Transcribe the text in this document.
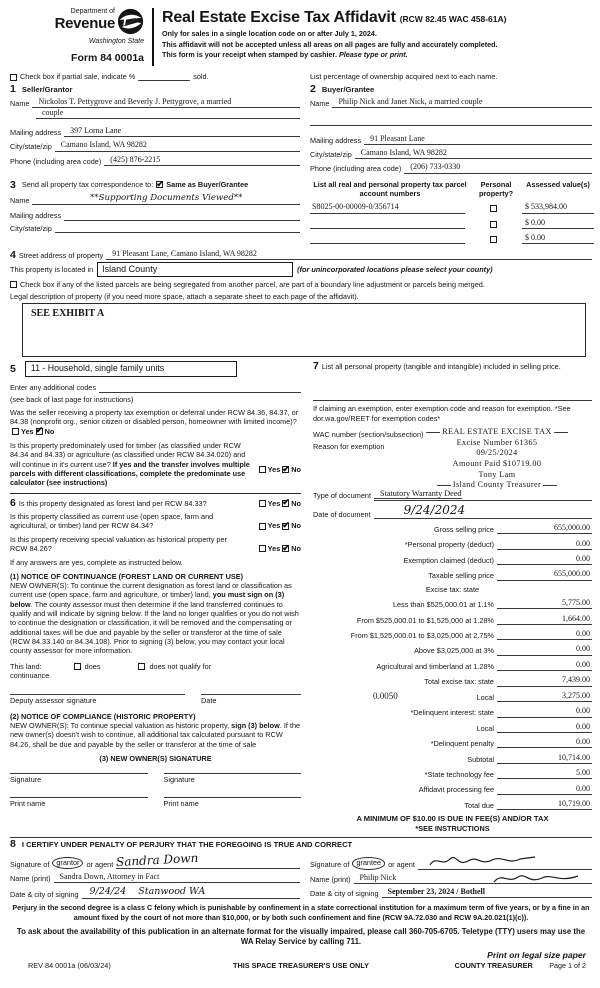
Department of
Revenue
Washington State
Form 84 0001a
Real Estate Excise Tax Affidavit (RCW 82.45 WAC 458-61A)
Only for sales in a single location code on or after July 1, 2024.
This affidavit will not be accepted unless all areas on all pages are fully and accurately completed.
This form is your receipt when stamped by cashier. Please type or print.
Check box if partial sale, indicate %	sold.	List percentage of ownership acquired next to each name.
1 Seller/Grantor
Name	Nickolos T. Pettygrove and Beverly J. Pettygrove, a married
couple
Mailing address	397 Lorna Lane
City/state/zip	Camano Island, WA 98282
Phone (including area code)	(425) 876-2215
2 Buyer/Grantee
Name	Philip Nick and Janet Nick, a married couple
Mailing address	91 Pleasant Lane
City/state/zip	Camano Island, WA 98282
Phone (including area code)	(206) 733-0330
3 Send all property tax correspondence to: ✔ Same as Buyer/Grantee
Name	**Supporting Documents Viewed**
Mailing address
City/state/zip
List all real and personal property tax parcel account numbers
Personal property?
Assessed value(s)
S8025-00-00009-0/356714	$ 533,984.00
$ 0.00
$ 0.00
4 Street address of property	91 Pleasant Lane, Camano Island, WA 98282
This property is located in	Island County	(for unincorporated locations please select your county)
Check box if any of the listed parcels are being segregated from another parcel, are part of a boundary line adjustment or parcels being merged.
Legal description of property (if you need more space, attach a separate sheet to each page of the affidavit).
SEE EXHIBIT A
5	11 - Household, single family units
Enter any additional codes
(see back of last page for instructions)
Was the seller receiving a property tax exemption or deferral under RCW 84.36, 84.37, or 84.38 (nonprofit org., senior citizen or disabled person, homeowner with limited income)?
Yes ✔ No
Is this property predominately used for timber (as classified under RCW 84.34 and 84.33) or agriculture (as classified under RCW 84.34.020) and will continue in it's current use? If yes and the transfer involves multiple parcels with different classifications, complete the predominate use calculator (see instructions)
Yes ✔ No
6 Is this property designated as forest land per RCW 84.33?	Yes ✔ No
Is this property classified as current use (open space, farm and agricultural, or timber) land per RCW 84.34?	Yes ✔ No
Is this property receiving special valuation as historical property per RCW 84.26?	Yes ✔ No
If any answers are yes, complete as instructed below.
(1) NOTICE OF CONTINUANCE (FOREST LAND OR CURRENT USE)
NEW OWNER(S): To continue the current designation as forest land or classification as current use (open space, farm and agriculture, or timber) land, you must sign on (3) below. The county assessor must then determine if the land transferred continues to qualify and will indicate by signing below. If the land no longer qualifies or you do not wish to continue the designation or classification, it will be removed and the compensating or additional taxes will be due and payable by the seller or transferor at the time of sale (RCW 84.33.140 or 84.34.108). Prior to signing (3) below, you may contact your local county assessor for more information.
This land:	does	does not qualify for
continuance
Deputy assessor signature	Date
(2) NOTICE OF COMPLIANCE (HISTORIC PROPERTY)
NEW OWNER(S): To continue special valuation as historic property, sign (3) below. If the new owner(s) doesn't wish to continue, all additional tax calculated pursuant to RCW 84.26, shall be due and payable by the seller or transferor at the time of sale
(3) NEW OWNER(S) SIGNATURE
Signature	Signature
Print name	Print name
7 List all personal property (tangible and intangible) included in selling price.
If claiming an exemption, enter exemption code and reason for exemption. *See dor.wa.gov/REET for exemption codes*
WAC number (section/subsection)
Reason for exemption
REAL ESTATE EXCISE TAX
Excise Number 61365
09/25/2024
Amount Paid $10719.00
Tony Lam
Island County Treasurer
Type of document	Statutory Warranty Deed
Date of document	9/24/2024
Gross selling price	655,000.00
*Personal property (deduct)	0.00
Exemption claimed (deduct)	0.00
Taxable selling price	655,000.00
Excise tax: state
Less than $525,000.01 at 1.1%	5,775.00
From $525,000.01 to $1,525,000 at 1.28%	1,664.00
From $1,525,000.01 to $3,025,000 at 2.75%	0.00
Above $3,025,000 at 3%	0.00
Agricultural and timberland at 1.28%	0.00
Total excise tax: state	7,439.00
0.0050	Local	3,275.00
*Delinquent interest: state	0.00
Local	0.00
*Delinquent penalty	0.00
Subtotal	10,714.00
*State technology fee	5.00
Affidavit processing fee	0.00
Total due	10,719.00
A MINIMUM OF $10.00 IS DUE IN FEE(S) AND/OR TAX
*SEE INSTRUCTIONS
8 I CERTIFY UNDER PENALTY OF PERJURY THAT THE FOREGOING IS TRUE AND CORRECT
Signature of grantor or agent Sandra Down
Name (print)	Sandra Down, Attorney in Fact
Date & city of signing	9/24/24    Stanwood WA
Signature of grantee or agent
Name (print)	Philip Nick
Date & city of signing	September 23, 2024 / Bothell
Perjury in the second degree is a class C felony which is punishable by confinement in a state correctional institution for a maximum term of five years, or by a fine in an amount fixed by the court of not more than $10,000, or by both such confinement and fine (RCW 9A.72.030 and RCW 9A.20.021(1)(c)).
To ask about the availability of this publication in an alternate format for the visually impaired, please call 360-705-6705. Teletype (TTY) users may use the WA Relay Service by calling 711.
REV 84 0001a (06/03/24)	THIS SPACE TREASURER'S USE ONLY	COUNTY TREASURER
Print on legal size paper
Page 1 of 2
